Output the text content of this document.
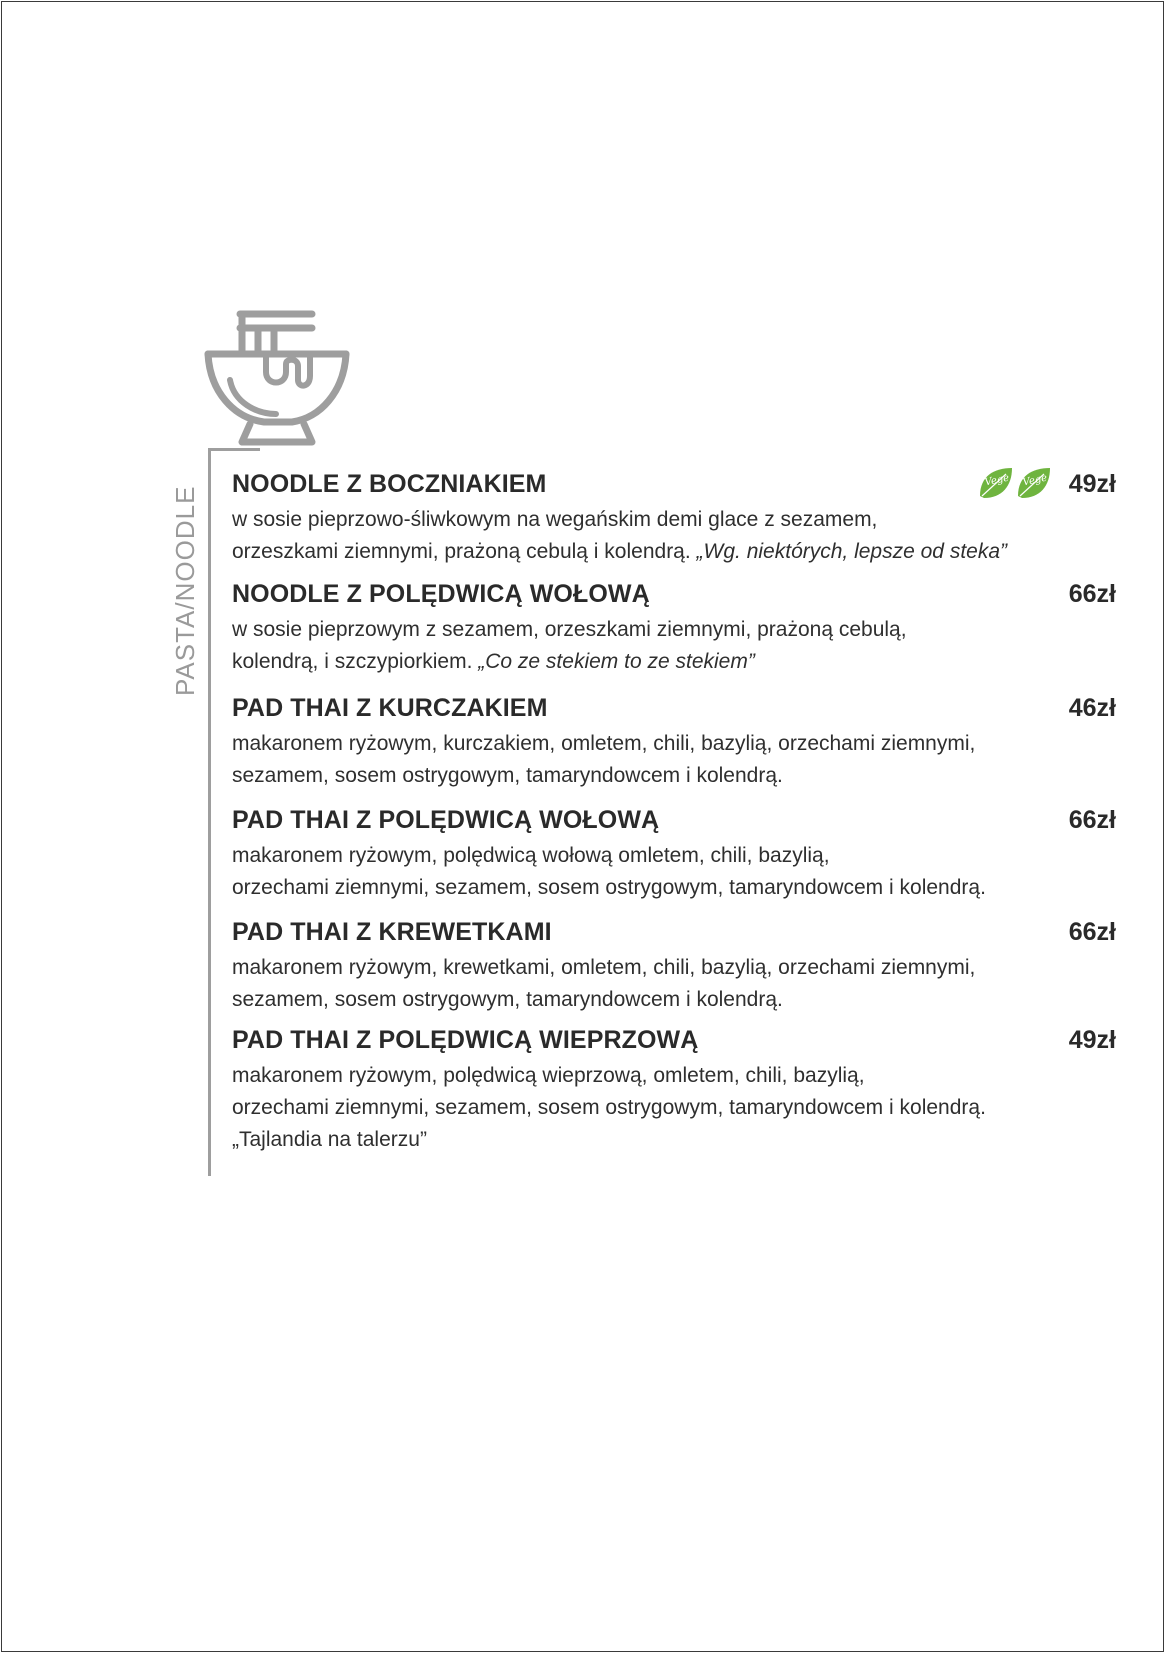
PASTA/NOODLE
NOODLE Z BOCZNIAKIEM	Vege Vege 49zł
w sosie pieprzowo-śliwkowym na wegańskim demi glace z sezamem,
orzeszkami ziemnymi, prażoną cebulą i kolendrą. „Wg. niektórych, lepsze od steka”
NOODLE Z POLĘDWICĄ WOŁOWĄ	66zł
w sosie pieprzowym z sezamem, orzeszkami ziemnymi, prażoną cebulą,
kolendrą, i szczypiorkiem. „Co ze stekiem to ze stekiem”
PAD THAI Z KURCZAKIEM	46zł
makaronem ryżowym, kurczakiem, omletem, chili, bazylią, orzechami ziemnymi,
sezamem, sosem ostrygowym, tamaryndowcem i kolendrą.
PAD THAI Z POLĘDWICĄ WOŁOWĄ	66zł
makaronem ryżowym, polędwicą wołową omletem, chili, bazylią,
orzechami ziemnymi, sezamem, sosem ostrygowym, tamaryndowcem i kolendrą.
PAD THAI Z KREWETKAMI	66zł
makaronem ryżowym, krewetkami, omletem, chili, bazylią, orzechami ziemnymi,
sezamem, sosem ostrygowym, tamaryndowcem i kolendrą.
PAD THAI Z POLĘDWICĄ WIEPRZOWĄ	49zł
makaronem ryżowym, polędwicą wieprzową, omletem, chili, bazylią,
orzechami ziemnymi, sezamem, sosem ostrygowym, tamaryndowcem i kolendrą.
„Tajlandia na talerzu”
